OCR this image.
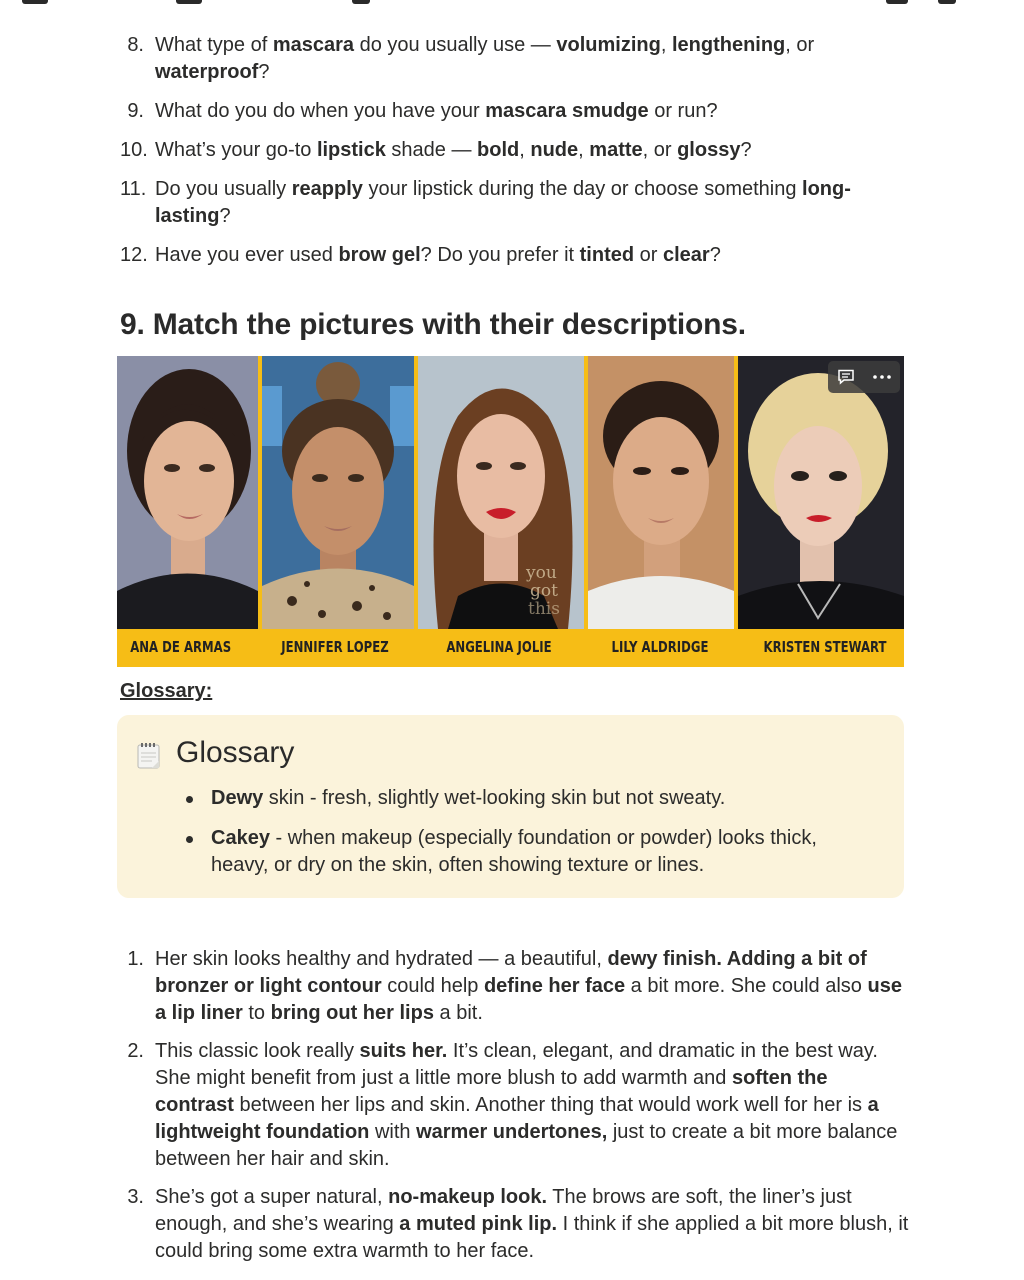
8. What type of mascara do you usually use — volumizing, lengthening, or waterproof?
9. What do you do when you have your mascara smudge or run?
10. What’s your go-to lipstick shade — bold, nude, matte, or glossy?
11. Do you usually reapply your lipstick during the day or choose something long-lasting?
12. Have you ever used brow gel? Do you prefer it tinted or clear?
9. Match the pictures with their descriptions.
you
got
this
ANA DE ARMAS	JENNIFER LOPEZ	ANGELINA JOLIE	LILY ALDRIDGE	KRISTEN STEWART
Glossary:
Glossary
Dewy skin - fresh, slightly wet-looking skin but not sweaty.
Cakey - when makeup (especially foundation or powder) looks thick, heavy, or dry on the skin, often showing texture or lines.
1. Her skin looks healthy and hydrated — a beautiful, dewy finish. Adding a bit of bronzer or light contour could help define her face a bit more. She could also use a lip liner to bring out her lips a bit.
2. This classic look really suits her. It’s clean, elegant, and dramatic in the best way. She might benefit from just a little more blush to add warmth and soften the contrast between her lips and skin. Another thing that would work well for her is a lightweight foundation with warmer undertones, just to create a bit more balance between her hair and skin.
3. She’s got a super natural, no-makeup look. The brows are soft, the liner’s just enough, and she’s wearing a muted pink lip. I think if she applied a bit more blush, it could bring some extra warmth to her face.
